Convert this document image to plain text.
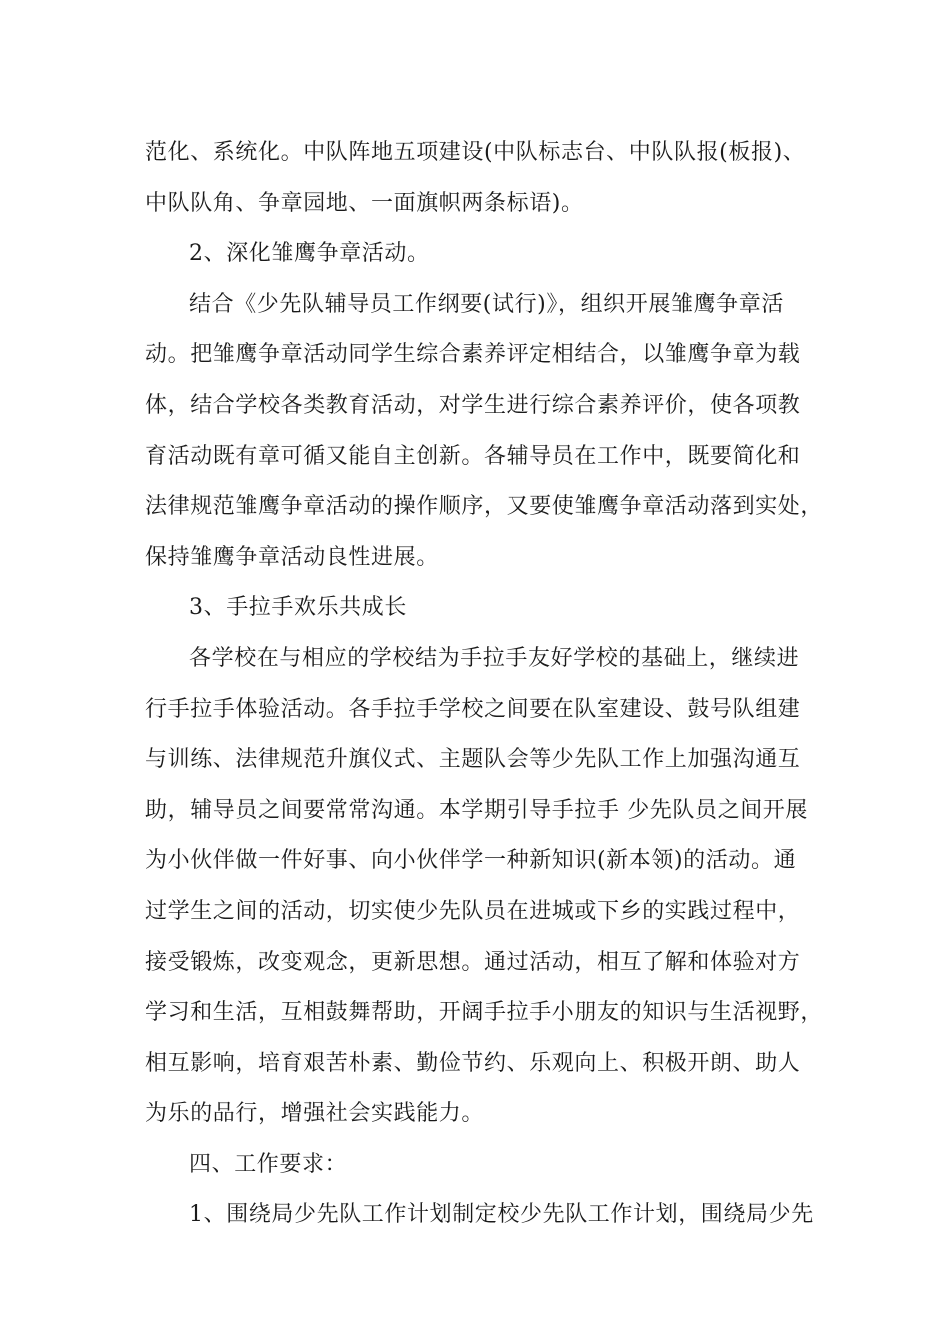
范化、系统化。中队阵地五项建设(中队标志台、中队队报(板报)、
中队队角、争章园地、一面旗帜两条标语)。
2、深化雏鹰争章活动。
结合《少先队辅导员工作纲要(试行)》，组织开展雏鹰争章活
动。把雏鹰争章活动同学生综合素养评定相结合，以雏鹰争章为载
体，结合学校各类教育活动，对学生进行综合素养评价，使各项教
育活动既有章可循又能自主创新。各辅导员在工作中，既要简化和
法律规范雏鹰争章活动的操作顺序，又要使雏鹰争章活动落到实处，
保持雏鹰争章活动良性进展。
3、手拉手欢乐共成长
各学校在与相应的学校结为手拉手友好学校的基础上，继续进
行手拉手体验活动。各手拉手学校之间要在队室建设、鼓号队组建
与训练、法律规范升旗仪式、主题队会等少先队工作上加强沟通互
助，辅导员之间要常常沟通。本学期引导手拉手 少先队员之间开展
为小伙伴做一件好事、向小伙伴学一种新知识(新本领)的活动。通
过学生之间的活动，切实使少先队员在进城或下乡的实践过程中，
接受锻炼，改变观念，更新思想。通过活动，相互了解和体验对方
学习和生活，互相鼓舞帮助，开阔手拉手小朋友的知识与生活视野，
相互影响，培育艰苦朴素、勤俭节约、乐观向上、积极开朗、助人
为乐的品行，增强社会实践能力。
四、工作要求：
1、围绕局少先队工作计划制定校少先队工作计划，围绕局少先
